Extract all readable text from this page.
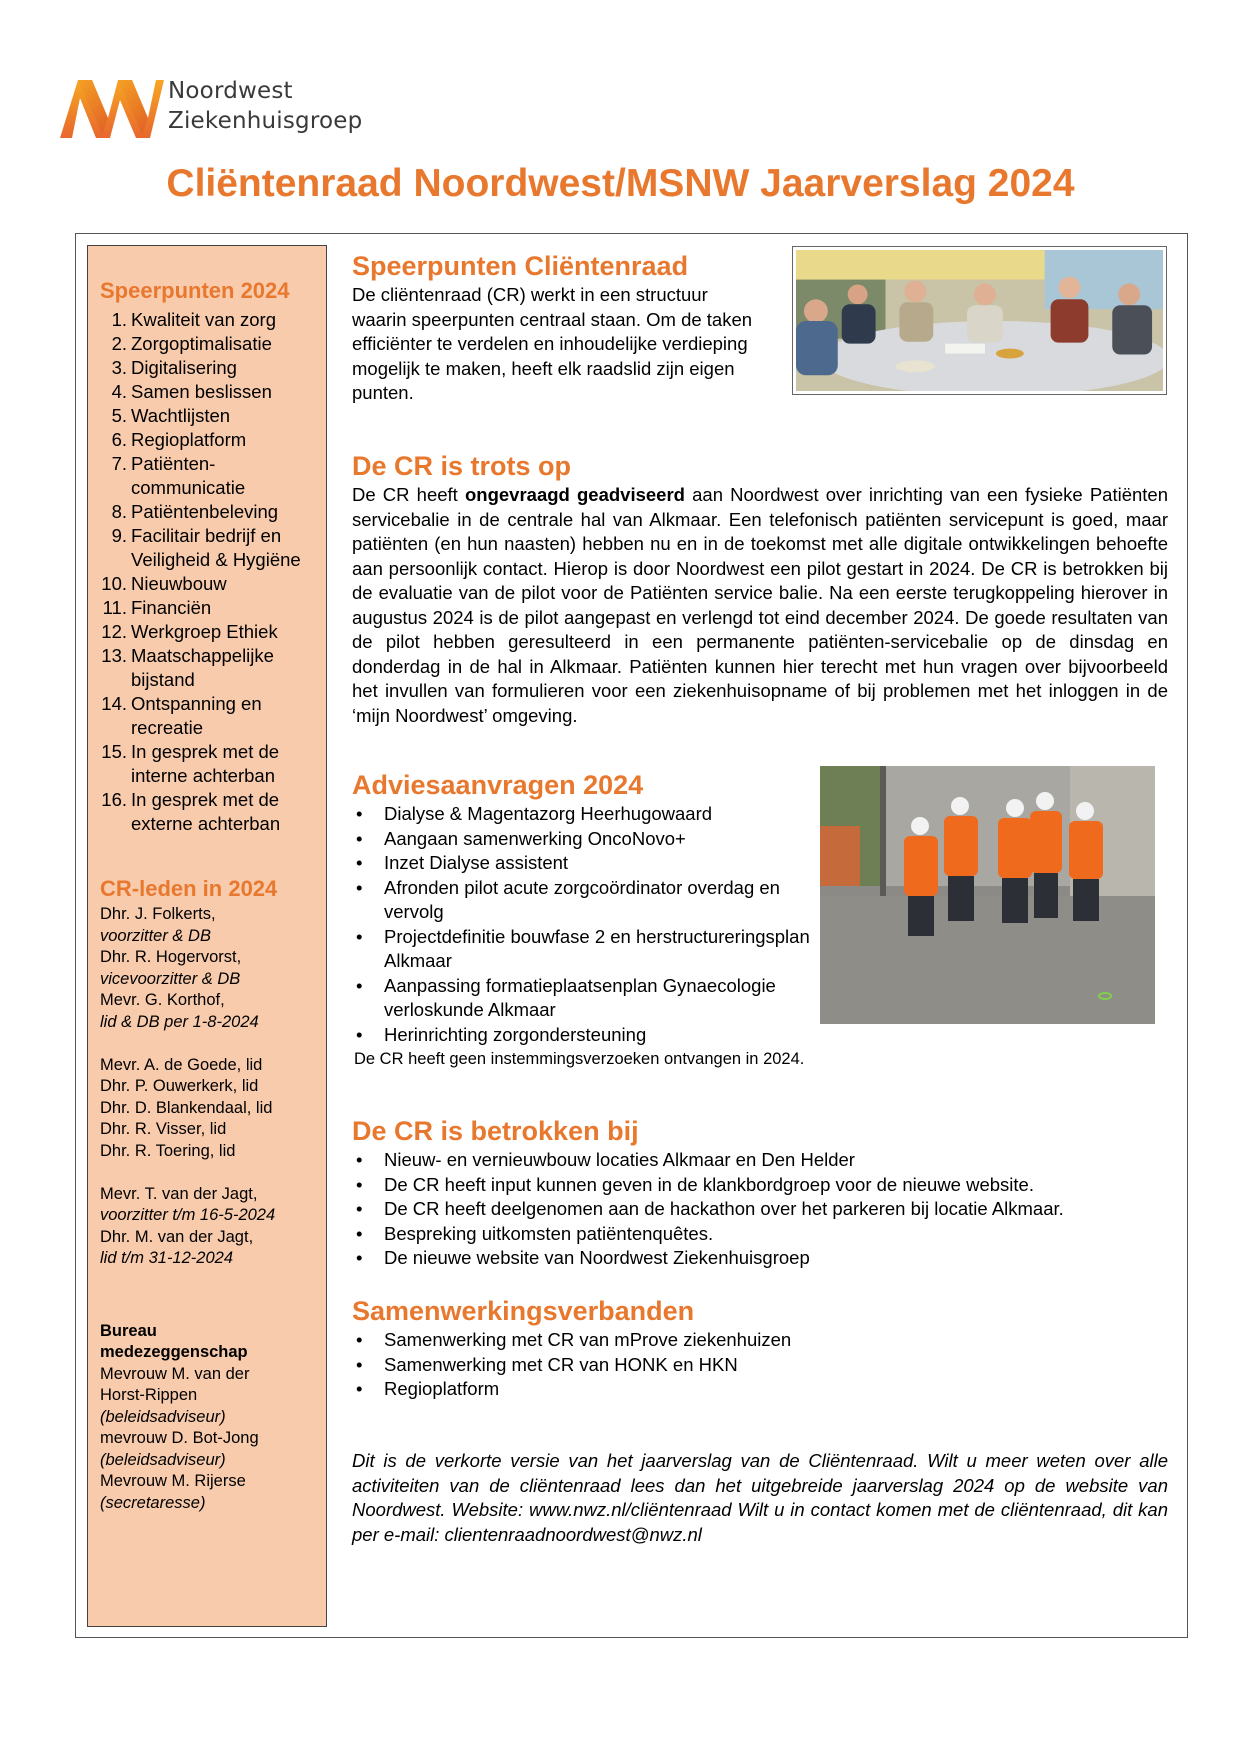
Noordwest
Ziekenhuisgroep
Cliëntenraad Noordwest/MSNW Jaarverslag 2024
Speerpunten 2024
1. Kwaliteit van zorg
2. Zorgoptimalisatie
3. Digitalisering
4. Samen beslissen
5. Wachtlijsten
6. Regioplatform
7. Patiënten-communicatie
8. Patiëntenbeleving
9. Facilitair bedrijf en Veiligheid & Hygiëne
10. Nieuwbouw
11. Financiën
12. Werkgroep Ethiek
13. Maatschappelijke bijstand
14. Ontspanning en recreatie
15. In gesprek met de interne achterban
16. In gesprek met de externe achterban
CR-leden in 2024
Dhr. J. Folkerts,
voorzitter & DB
Dhr. R. Hogervorst,
vicevoorzitter & DB
Mevr. G. Korthof,
lid & DB per 1-8-2024
Mevr. A. de Goede, lid
Dhr. P. Ouwerkerk, lid
Dhr. D. Blankendaal, lid
Dhr. R. Visser, lid
Dhr. R. Toering, lid
Mevr. T. van der Jagt,
voorzitter t/m 16-5-2024
Dhr. M. van der Jagt,
lid t/m 31-12-2024
Bureau medezeggenschap
Mevrouw M. van der Horst-Rippen
(beleidsadviseur)
mevrouw D. Bot-Jong
(beleidsadviseur)
Mevrouw M. Rijerse
(secretaresse)
Speerpunten Cliëntenraad

De cliëntenraad (CR) werkt in een structuur waarin speerpunten centraal staan. Om de taken efficiënter te verdelen en inhoudelijke verdieping mogelijk te maken, heeft elk raadslid zijn eigen punten.

De CR is trots op

De CR heeft ongevraagd geadviseerd aan Noordwest over inrichting van een fysieke Patiënten servicebalie in de centrale hal van Alkmaar. Een telefonisch patiënten servicepunt is goed, maar patiënten (en hun naasten) hebben nu en in de toekomst met alle digitale ontwikkelingen behoefte aan persoonlijk contact. Hierop is door Noordwest een pilot gestart in 2024. De CR is betrokken bij de evaluatie van de pilot voor de Patiënten service balie. Na een eerste terugkoppeling hierover in augustus 2024 is de pilot aangepast en verlengd tot eind december 2024. De goede resultaten van de pilot hebben geresulteerd in een permanente patiënten-servicebalie op de dinsdag en donderdag in de hal in Alkmaar. Patiënten kunnen hier terecht met hun vragen over bijvoorbeeld het invullen van formulieren voor een ziekenhuisopname of bij problemen met het inloggen in de ‘mijn Noordwest’ omgeving.

Adviesaanvragen 2024
• Dialyse & Magentazorg Heerhugowaard
• Aangaan samenwerking OncoNovo+
• Inzet Dialyse assistent
• Afronden pilot acute zorgcoördinator overdag en vervolg
• Projectdefinitie bouwfase 2 en herstructureringsplan Alkmaar
• Aanpassing formatieplaatsenplan Gynaecologie verloskunde Alkmaar
• Herinrichting zorgondersteuning

De CR heeft geen instemmingsverzoeken ontvangen in 2024.

De CR is betrokken bij
• Nieuw- en vernieuwbouw locaties Alkmaar en Den Helder
• De CR heeft input kunnen geven in de klankbordgroep voor de nieuwe website.
• De CR heeft deelgenomen aan de hackathon over het parkeren bij locatie Alkmaar.
• Bespreking uitkomsten patiëntenquêtes.
• De nieuwe website van Noordwest Ziekenhuisgroep
Samenwerkingsverbanden
• Samenwerking met CR van mProve ziekenhuizen
• Samenwerking met CR van HONK en HKN
• Regioplatform

Dit is de verkorte versie van het jaarverslag van de Cliëntenraad. Wilt u meer weten over alle activiteiten van de cliëntenraad lees dan het uitgebreide jaarverslag 2024 op de website van Noordwest. Website: www.nwz.nl/cliëntenraad Wilt u in contact komen met de cliëntenraad, dit kan per e-mail: clientenraadnoordwest@nwz.nl
